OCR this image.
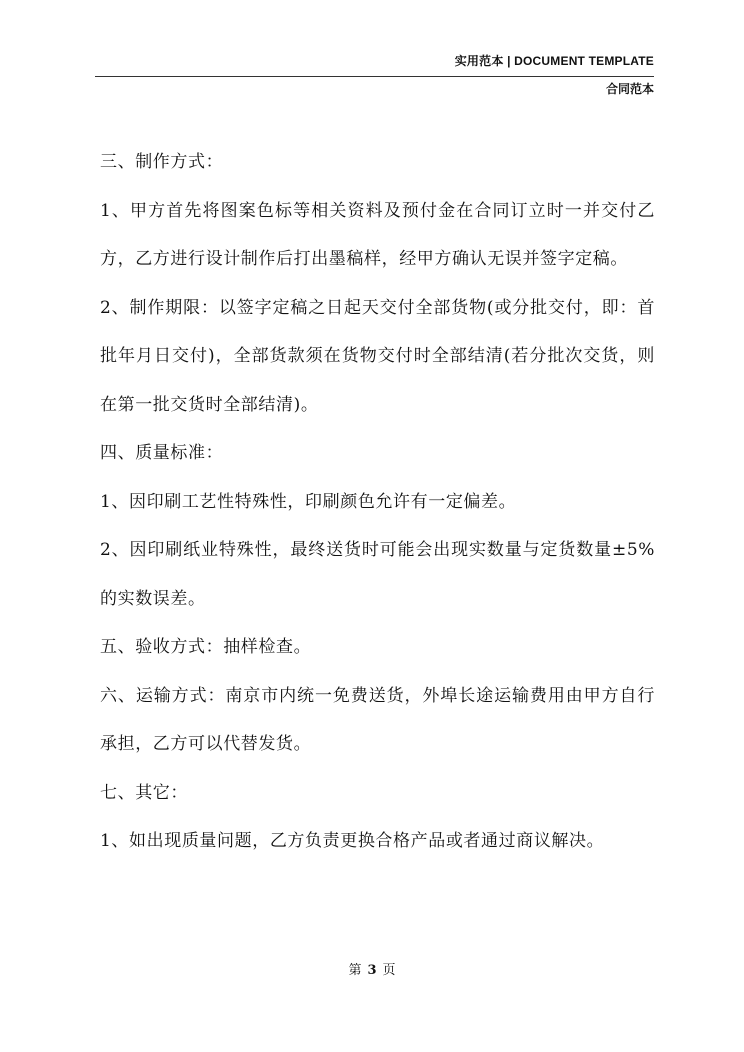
实用范本 | DOCUMENT TEMPLATE
合同范本

三、制作方式：

1、甲方首先将图案色标等相关资料及预付金在合同订立时一并交付乙方，乙方进行设计制作后打出墨稿样，经甲方确认无误并签字定稿。

2、制作期限：以签字定稿之日起天交付全部货物(或分批交付，即：首批年月日交付)，全部货款须在货物交付时全部结清(若分批次交货，则在第一批交货时全部结清)。

四、质量标准：

1、因印刷工艺性特殊性，印刷颜色允许有一定偏差。

2、因印刷纸业特殊性，最终送货时可能会出现实数量与定货数量±5%的实数误差。

五、验收方式：抽样检查。

六、运输方式：南京市内统一免费送货，外埠长途运输费用由甲方自行承担，乙方可以代替发货。

七、其它：

1、如出现质量问题，乙方负责更换合格产品或者通过商议解决。

第 3 页
